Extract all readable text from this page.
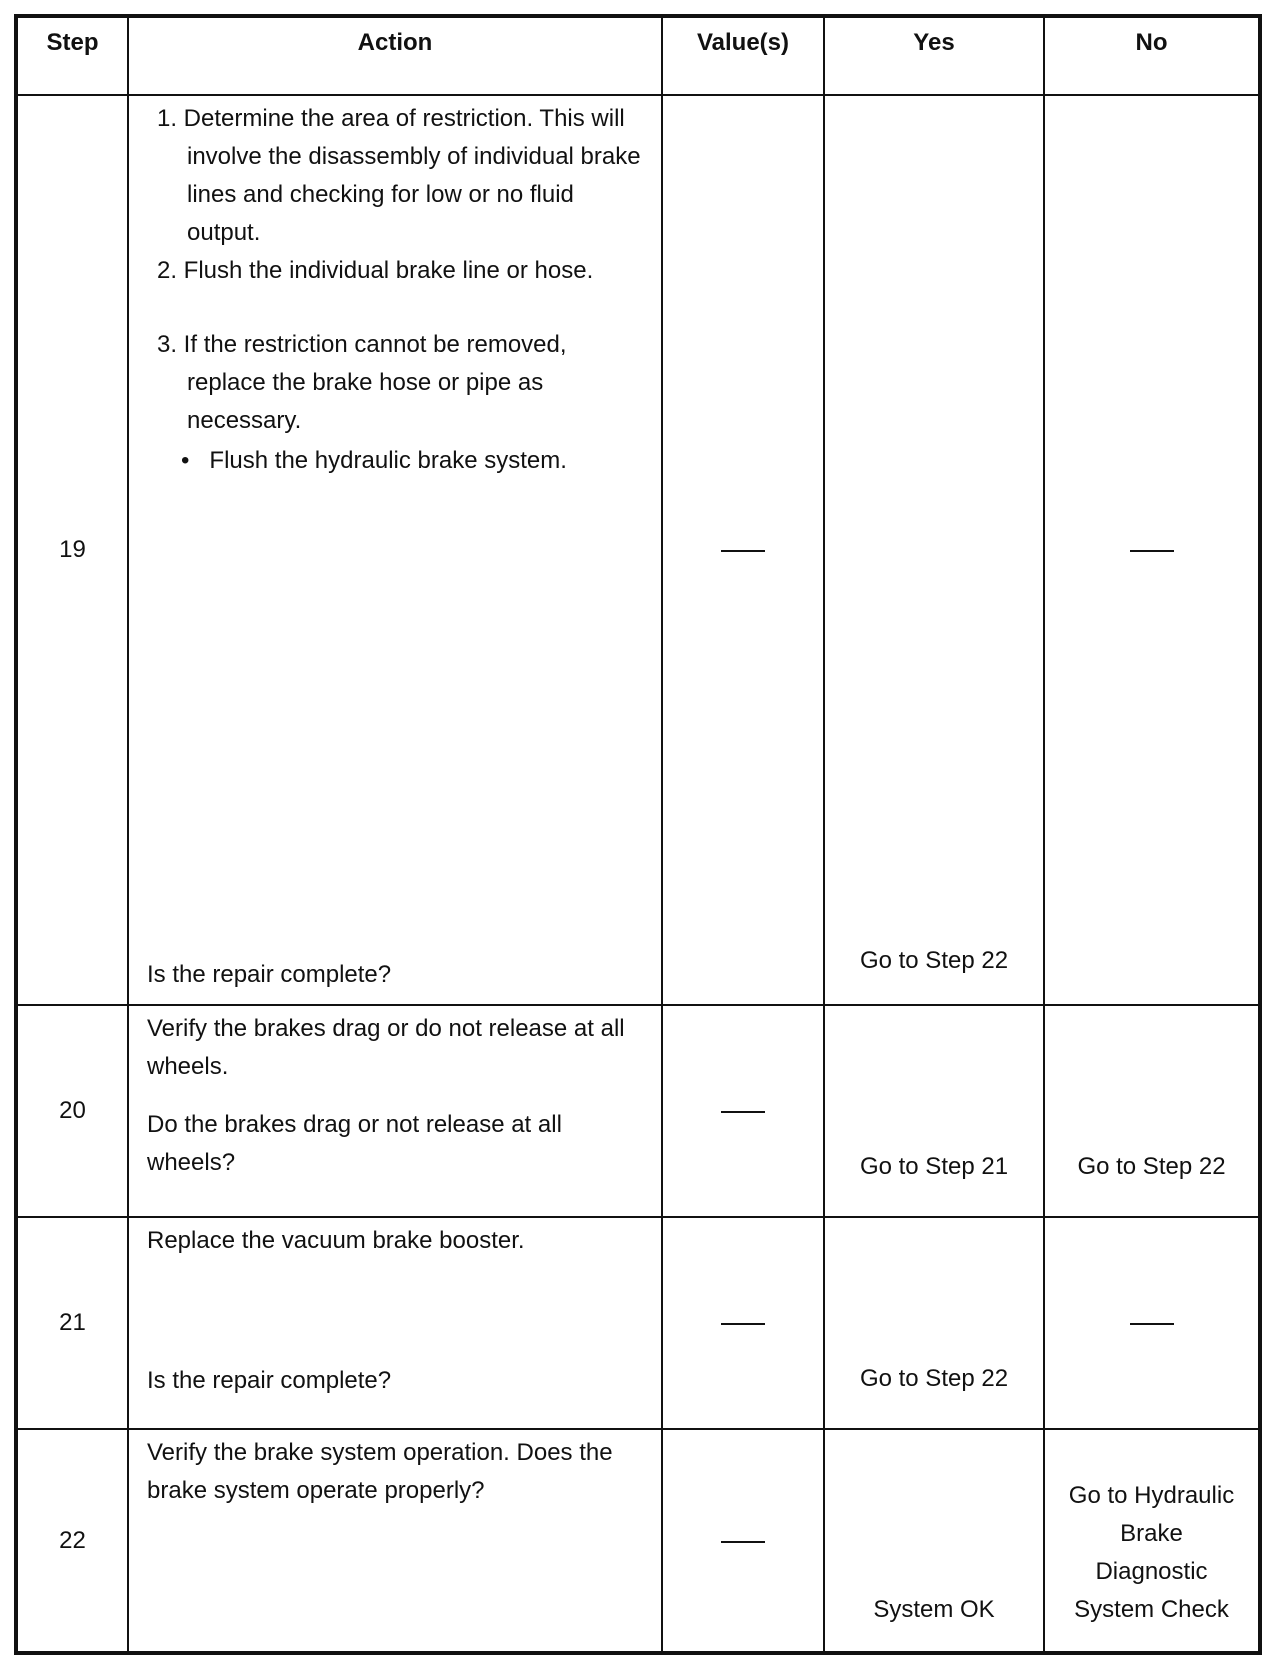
Step	Action	Value(s)	Yes	No

19	1. Determine the area of restriction. This will involve the disassembly of individual brake lines and checking for low or no fluid output.

2. Flush the individual brake line or hose.

3. If the restriction cannot be removed, replace the brake hose or pipe as necessary.

• Flush the hydraulic brake system.

Is the repair complete?		Go to Step 22	

20	Verify the brakes drag or do not release at all wheels.

Do the brakes drag or not release at all wheels?		Go to Step 21	Go to Step 22

21	Replace the vacuum brake booster.

Is the repair complete?		Go to Step 22	

22	Verify the brake system operation. Does the brake system operate properly?		System OK	Go to Hydraulic Brake Diagnostic System Check
